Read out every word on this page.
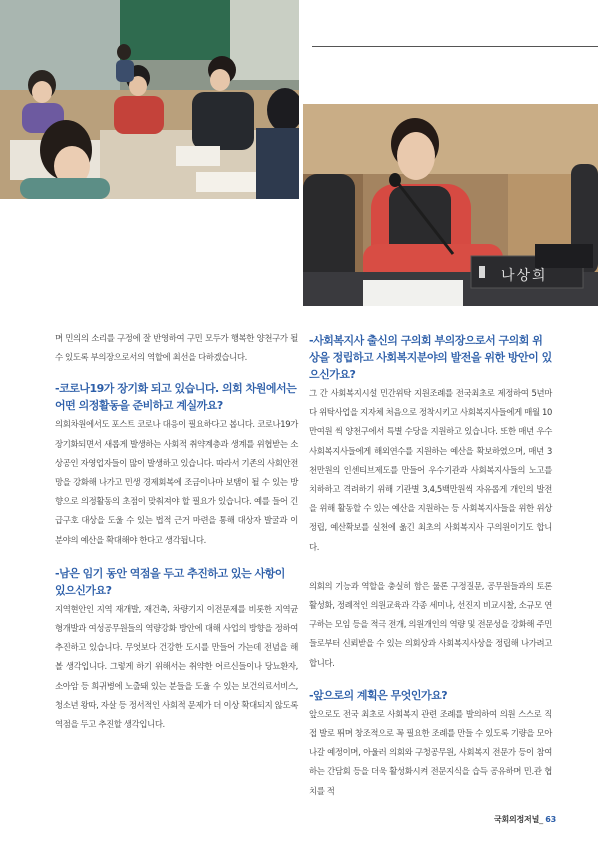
나상희

며 민의의 소리를 구정에 잘 반영하여 구민 모두가 행복한 양천구가 될 수 있도록 부의장으로서의 역할에 최선을 다하겠습니다.

-코로나19가 장기화 되고 있습니다. 의회 차원에서는 어떤 의정활동을 준비하고 계실까요?

의회차원에서도 포스트 코로나 대응이 필요하다고 봅니다. 코로나19가 장기화되면서 새롭게 발생하는 사회적 취약계층과 생계를 위협받는 소상공인 자영업자들이 많이 발생하고 있습니다. 따라서 기존의 사회안전망을 강화해 나가고 민생 경제회복에 조금이나마 보탬이 될 수 있는 방향으로 의정활동의 초점이 맞춰져야 할 필요가 있습니다. 예를 들어 긴급구호 대상을 도울 수 있는 법적 근거 마련을 통해 대상자 발굴과 이 분야의 예산을 확대해야 한다고 생각됩니다.

-남은 임기 동안 역점을 두고 추진하고 있는 사항이 있으신가요?

지역현안인 지역 재개발, 재건축, 차량기지 이전문제를 비롯한 지역균형개발과 여성공무원들의 역량강화 방안에 대해 사업의 방향을 정하여 추진하고 있습니다. 무엇보다 건강한 도시를 만들어 가는데 전념을 해볼 생각입니다. 그렇게 하기 위해서는 취약한 어르신들이나 당뇨환자, 소아암 등 희귀병에 노출돼 있는 분들을 도울 수 있는 보건의료서비스, 청소년 왕따, 자살 등 정서적인 사회적 문제가 더 이상 확대되지 않도록 역점을 두고 추진할 생각입니다.

-사회복지사 출신의 구의회 부의장으로서 구의회 위상을 정립하고 사회복지분야의 발전을 위한 방안이 있으신가요?

그 간 사회복지시설 민간위탁 지원조례를 전국최초로 제정하여 5년마다 위탁사업을 지자체 처음으로 정착시키고 사회복지사들에게 매월 10만여원 씩 양천구에서 특별 수당을 지원하고 있습니다. 또한 매년 우수 사회복지사들에게 해외연수를 지원하는 예산을 확보하였으며, 매년 3천만원의 인센티브제도를 만들어 우수기관과 사회복지사들의 노고를 치하하고 격려하기 위해 기관별 3,4,5백만원씩 자유롭게 개인의 발전을 위해 활동할 수 있는 예산을 지원하는 등 사회복지사들을 위한 위상정립, 예산확보를 실천에 옮긴 최초의 사회복지사 구의원이기도 합니다.

의회의 기능과 역할을 충실히 함은 물론 구정질문, 공무원들과의 토론 활성화, 정례적인 의원교육과 각종 세미나, 선진지 비교시찰, 소규모 연구하는 모임 등을 적극 전개, 의원개인의 역량 및 전문성을 강화해 주민들로부터 신뢰받을 수 있는 의회상과 사회복지사상을 정립해 나가려고 합니다.

-앞으로의 계획은 무엇인가요?

앞으로도 전국 최초로 사회복지 관련 조례를 발의하여 의원 스스로 직접 발로 뛰며 창조적으로 꼭 필요한 조례를 만들 수 있도록 기량을 모아 나갈 예정이며, 아울러 의회와 구청공무원, 사회복지 전문가 등이 참여하는 간담회 등을 더욱 활성화시켜 전문지식을 습득 공유하며 민.관 협치를 적

국회의정저널_ 63
